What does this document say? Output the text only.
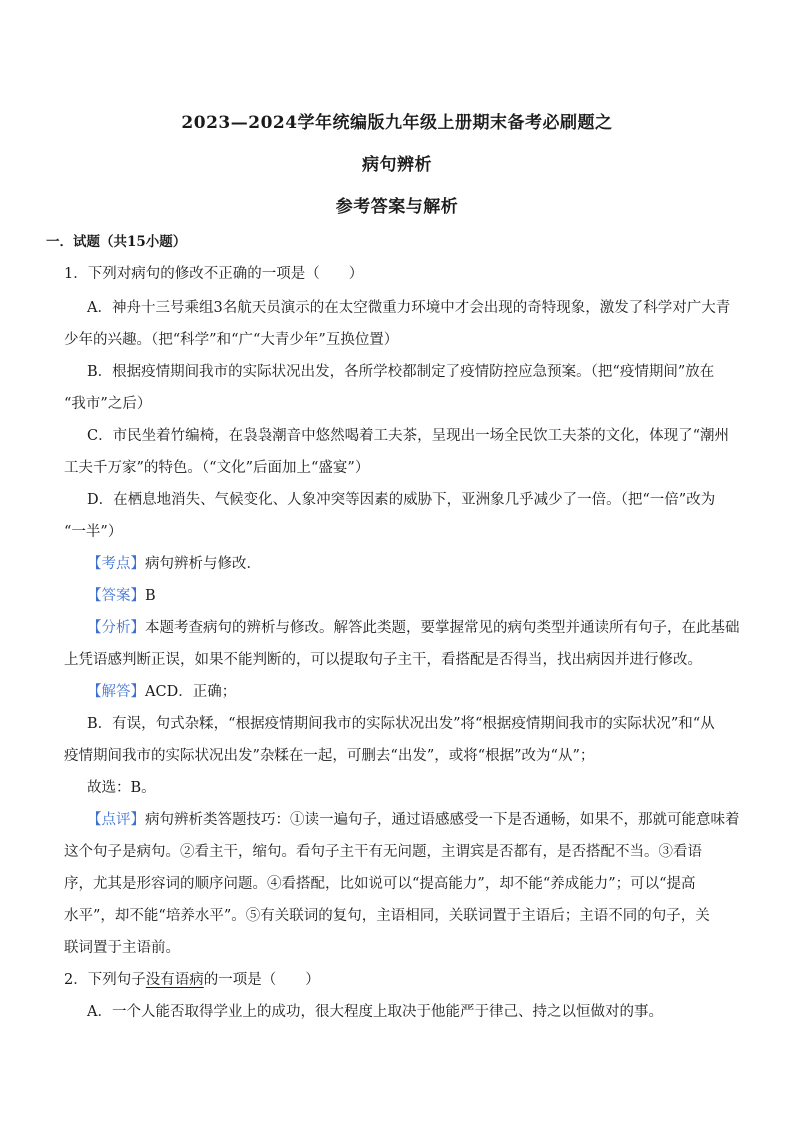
2023—2024学年统编版九年级上册期末备考必刷题之
病句辨析
参考答案与解析
一．试题（共15小题）
1．下列对病句的修改不正确的一项是（　　）
A．神舟十三号乘组3名航天员演示的在太空微重力环境中才会出现的奇特现象，激发了科学对广大青
少年的兴趣。（把“科学”和“广“大青少年”互换位置）
B．根据疫情期间我市的实际状况出发，各所学校都制定了疫情防控应急预案。（把“疫情期间”放在
“我市”之后）
C．市民坐着竹编椅，在袅袅潮音中悠然喝着工夫茶，呈现出一场全民饮工夫茶的文化，体现了“潮州
工夫千万家”的特色。（“文化”后面加上“盛宴”）
D．在栖息地消失、气候变化、人象冲突等因素的威胁下，亚洲象几乎减少了一倍。（把“一倍”改为
“一半”）
【考点】病句辨析与修改．
【答案】B
【分析】本题考查病句的辨析与修改。解答此类题，要掌握常见的病句类型并通读所有句子，在此基础
上凭语感判断正误，如果不能判断的，可以提取句子主干，看搭配是否得当，找出病因并进行修改。
【解答】ACD．正确；
B．有误，句式杂糅，“根据疫情期间我市的实际状况出发”将“根据疫情期间我市的实际状况”和“从
疫情期间我市的实际状况出发”杂糅在一起，可删去“出发”，或将“根据”改为“从”；
故选：B。
【点评】病句辨析类答题技巧：①读一遍句子，通过语感感受一下是否通畅，如果不，那就可能意味着
这个句子是病句。②看主干，缩句。看句子主干有无问题，主谓宾是否都有，是否搭配不当。③看语
序，尤其是形容词的顺序问题。④看搭配，比如说可以“提高能力”，却不能“养成能力”；可以“提高
水平”，却不能“培养水平”。⑤有关联词的复句，主语相同，关联词置于主语后；主语不同的句子，关
联词置于主语前。
2．下列句子没有语病的一项是（　　）
A．一个人能否取得学业上的成功，很大程度上取决于他能严于律己、持之以恒做对的事。
